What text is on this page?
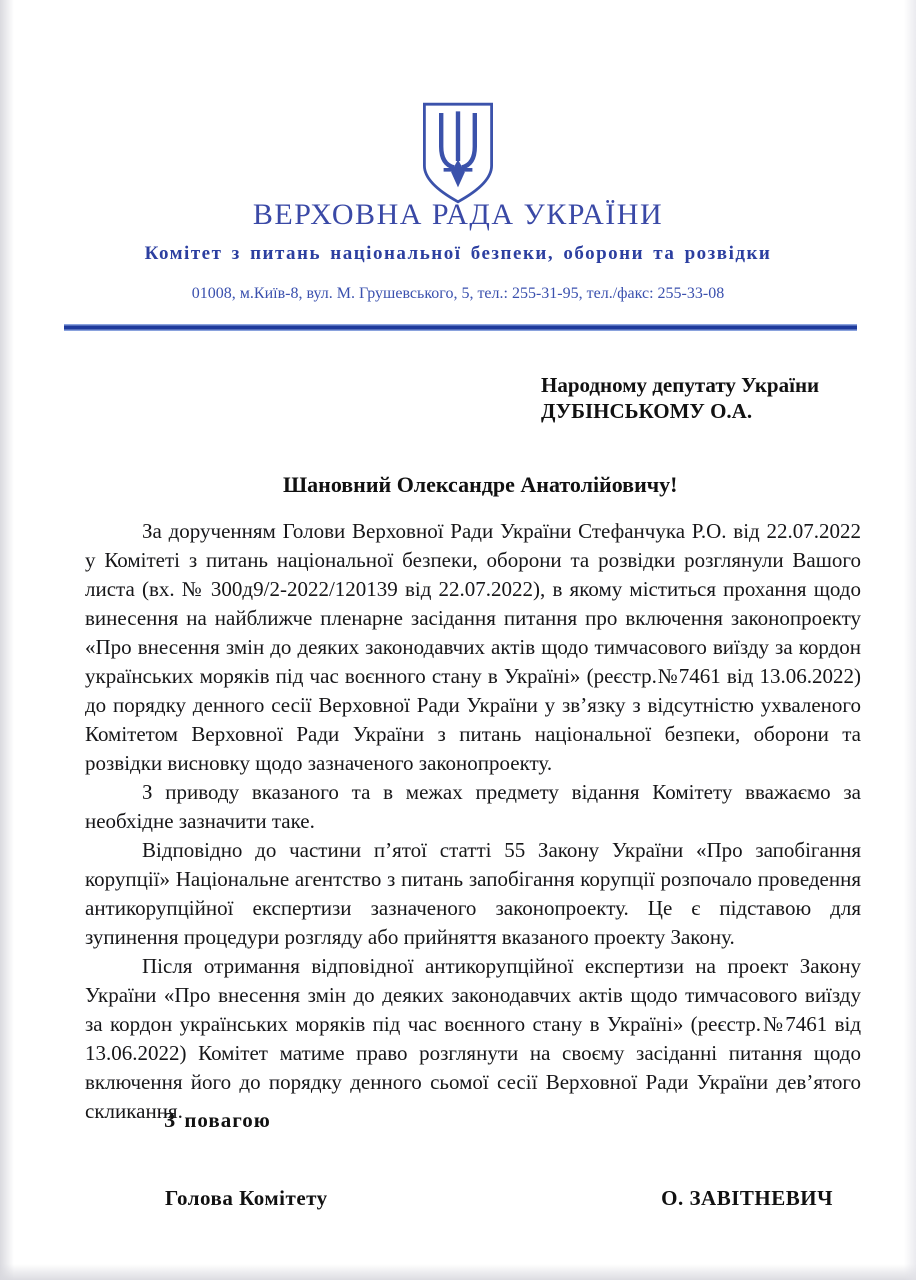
ВЕРХОВНА РАДА УКРАЇНИ
Комітет з питань національної безпеки, оборони та розвідки
01008, м.Київ-8, вул. М. Грушевського, 5, тел.: 255-31-95, тел./факс: 255-33-08
Народному депутату України
ДУБІНСЬКОМУ О.А.
Шановний Олександре Анатолійовичу!

За дорученням Голови Верховної Ради України Стефанчука Р.О. від 22.07.2022 у Комітеті з питань національної безпеки, оборони та розвідки розглянули Вашого листа (вх. № 300д9/2-2022/120139 від 22.07.2022), в якому міститься прохання щодо винесення на найближче пленарне засідання питання про включення законопроекту «Про внесення змін до деяких законодавчих актів щодо тимчасового виїзду за кордон українських моряків під час воєнного стану в Україні» (реєстр.№7461 від 13.06.2022) до порядку денного сесії Верховної Ради України у зв’язку з відсутністю ухваленого Комітетом Верховної Ради України з питань національної безпеки, оборони та розвідки висновку щодо зазначеного законопроекту.

З приводу вказаного та в межах предмету відання Комітету вважаємо за необхідне зазначити таке.

Відповідно до частини п’ятої статті 55 Закону України «Про запобігання корупції» Національне агентство з питань запобігання корупції розпочало проведення антикорупційної експертизи зазначеного законопроекту. Це є підставою для зупинення процедури розгляду або прийняття вказаного проекту Закону.

Після отримання відповідної антикорупційної експертизи на проект Закону України «Про внесення змін до деяких законодавчих актів щодо тимчасового виїзду за кордон українських моряків під час воєнного стану в Україні» (реєстр.№7461 від 13.06.2022) Комітет матиме право розглянути на своєму засіданні питання щодо включення його до порядку денного сьомої сесії Верховної Ради України дев’ятого скликання.

З повагою
Голова Комітету	О. ЗАВІТНЕВИЧ
